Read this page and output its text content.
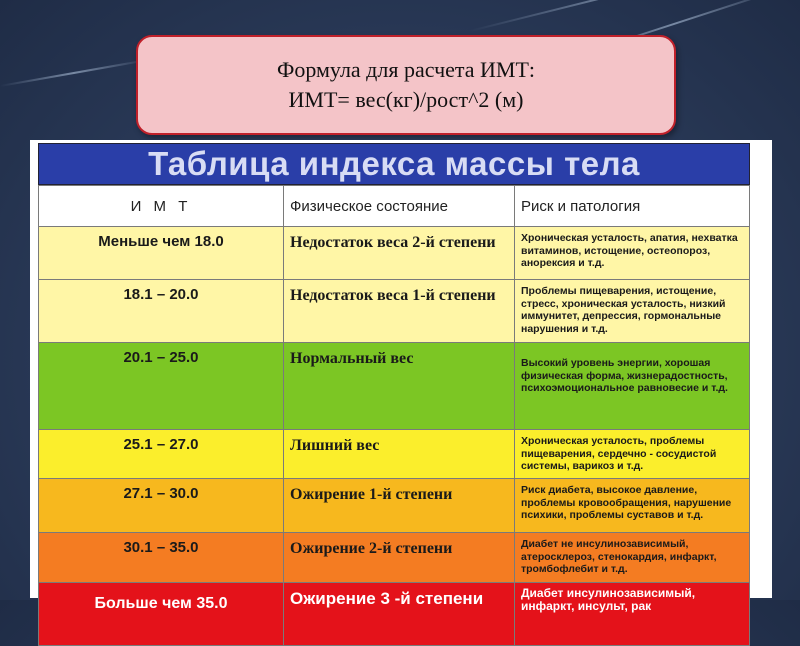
Формула для расчета ИМТ:
ИМТ= вес(кг)/рост^2 (м)
Таблица индекса массы тела
И М Т	Физическое состояние	Риск и патология
Меньше чем 18.0	Недостаток веса 2-й степени	Хроническая усталость, апатия, нехватка витаминов, истощение, остеопороз, анорексия и т.д.
18.1 – 20.0	Недостаток веса 1-й степени	Проблемы пищеварения, истощение, стресс, хроническая усталость, низкий иммунитет, депрессия, гормональные нарушения и т.д.
20.1 – 25.0	Нормальный вес	Высокий уровень энергии, хорошая физическая форма, жизнерадостность, психоэмоциональное равновесие и т.д.
25.1 – 27.0	Лишний вес	Хроническая усталость, проблемы пищеварения, сердечно - сосудистой системы, варикоз и т.д.
27.1 – 30.0	Ожирение 1-й степени	Риск диабета, высокое давление, проблемы кровообращения, нарушение психики, проблемы суставов и т.д.
30.1 – 35.0	Ожирение 2-й степени	Диабет не инсулинозависимый, атеросклероз, стенокардия, инфаркт, тромбофлебит и т.д.
Больше чем 35.0	Ожирение 3 -й степени	Диабет инсулинозависимый, инфаркт, инсульт, рак
